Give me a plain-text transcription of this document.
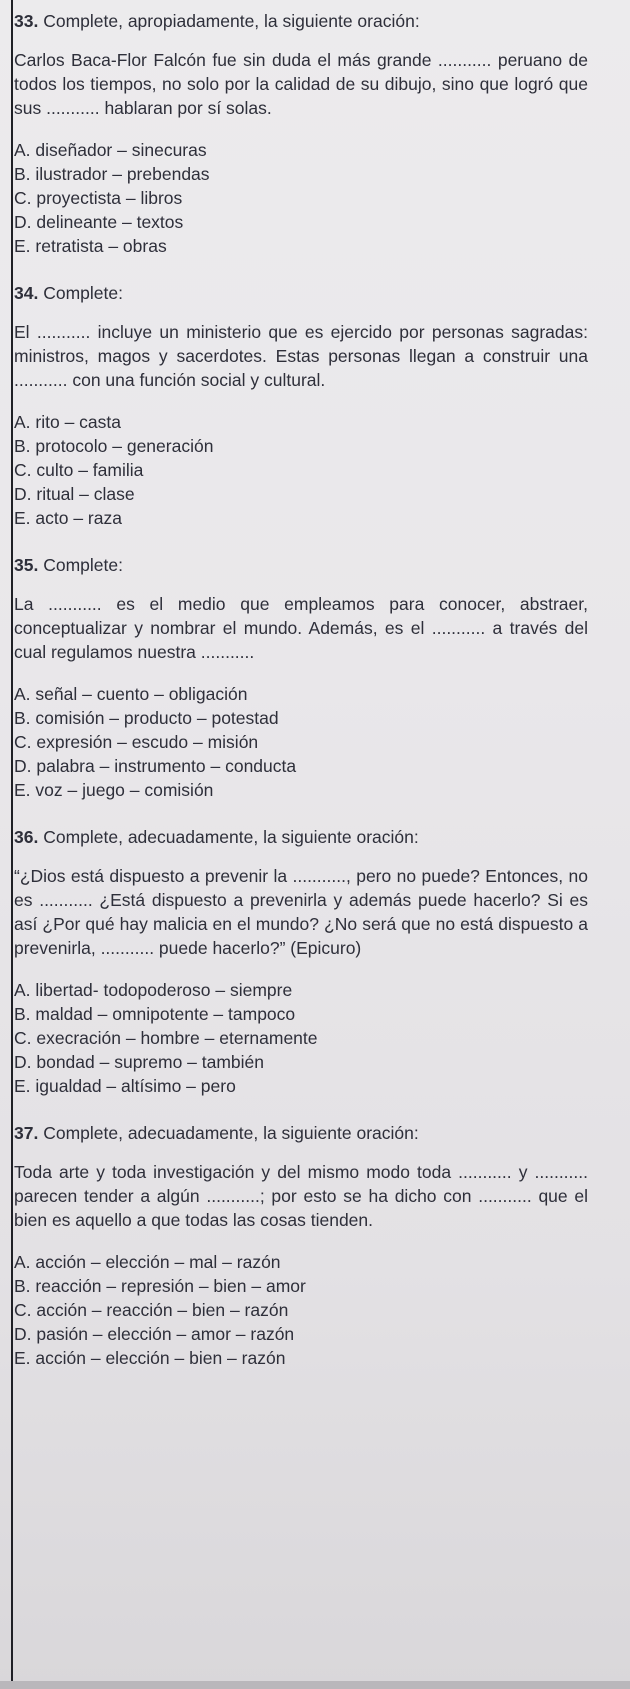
33. Complete, apropiadamente, la siguiente oración:

Carlos Baca-Flor Falcón fue sin duda el más grande ........... peruano de todos los tiempos, no solo por la calidad de su dibujo, sino que logró que sus ........... hablaran por sí solas.

A. diseñador – sinecuras
B. ilustrador – prebendas
C. proyectista – libros
D. delineante – textos
E. retratista – obras

34. Complete:

El ........... incluye un ministerio que es ejercido por personas sagradas: ministros, magos y sacerdotes. Estas personas llegan a construir una ........... con una función social y cultural.

A. rito – casta
B. protocolo – generación
C. culto – familia
D. ritual – clase
E. acto – raza

35. Complete:

La ........... es el medio que empleamos para conocer, abstraer, conceptualizar y nombrar el mundo. Además, es el ........... a través del cual regulamos nuestra ...........

A. señal – cuento – obligación
B. comisión – producto – potestad
C. expresión – escudo – misión
D. palabra – instrumento – conducta
E. voz – juego – comisión

36. Complete, adecuadamente, la siguiente oración:

“¿Dios está dispuesto a prevenir la ..........., pero no puede? Entonces, no es ........... ¿Está dispuesto a prevenirla y además puede hacerlo? Si es así ¿Por qué hay malicia en el mundo? ¿No será que no está dispuesto a prevenirla, ........... puede hacerlo?” (Epicuro)

A. libertad- todopoderoso – siempre
B. maldad – omnipotente – tampoco
C. execración – hombre – eternamente
D. bondad – supremo – también
E. igualdad – altísimo – pero

37. Complete, adecuadamente, la siguiente oración:

Toda arte y toda investigación y del mismo modo toda ........... y ........... parecen tender a algún ...........; por esto se ha dicho con ........... que el bien es aquello a que todas las cosas tienden.

A. acción – elección – mal – razón
B. reacción – represión – bien – amor
C. acción – reacción – bien – razón
D. pasión – elección – amor – razón
E. acción – elección – bien – razón
